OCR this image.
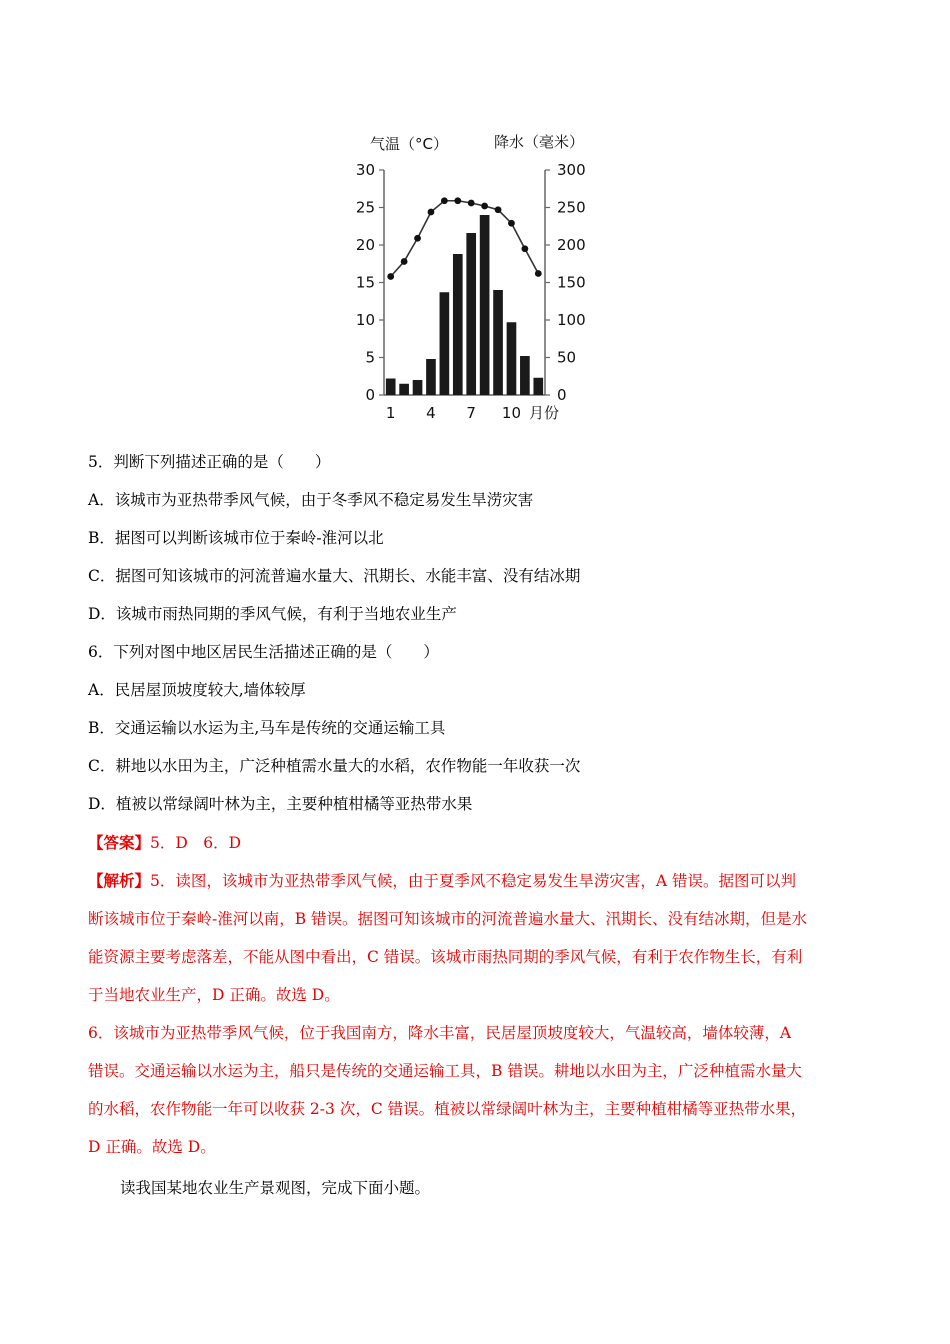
气温（°C）	降水（毫米）
30
25
20
15
10
5
0
300
250
200
150
100
50
0
1 4 7 10 月份
5．判断下列描述正确的是（　　）
A．该城市为亚热带季风气候，由于冬季风不稳定易发生旱涝灾害
B．据图可以判断该城市位于秦岭-淮河以北
C．据图可知该城市的河流普遍水量大、汛期长、水能丰富、没有结冰期
D．该城市雨热同期的季风气候，有利于当地农业生产
6．下列对图中地区居民生活描述正确的是（　　）
A．民居屋顶坡度较大,墙体较厚
B．交通运输以水运为主,马车是传统的交通运输工具
C．耕地以水田为主，广泛种植需水量大的水稻，农作物能一年收获一次
D．植被以常绿阔叶林为主，主要种植柑橘等亚热带水果
【答案】5．D　6．D
【解析】5．读图，该城市为亚热带季风气候，由于夏季风不稳定易发生旱涝灾害，A 错误。据图可以判
断该城市位于秦岭-淮河以南，B 错误。据图可知该城市的河流普遍水量大、汛期长、没有结冰期，但是水
能资源主要考虑落差，不能从图中看出，C 错误。该城市雨热同期的季风气候，有利于农作物生长，有利
于当地农业生产，D 正确。故选 D。
6．该城市为亚热带季风气候，位于我国南方，降水丰富，民居屋顶坡度较大，气温较高，墙体较薄，A
错误。交通运输以水运为主，船只是传统的交通运输工具，B 错误。耕地以水田为主，广泛种植需水量大
的水稻，农作物能一年可以收获 2-3 次，C 错误。植被以常绿阔叶林为主，主要种植柑橘等亚热带水果，
D 正确。故选 D。
读我国某地农业生产景观图，完成下面小题。
